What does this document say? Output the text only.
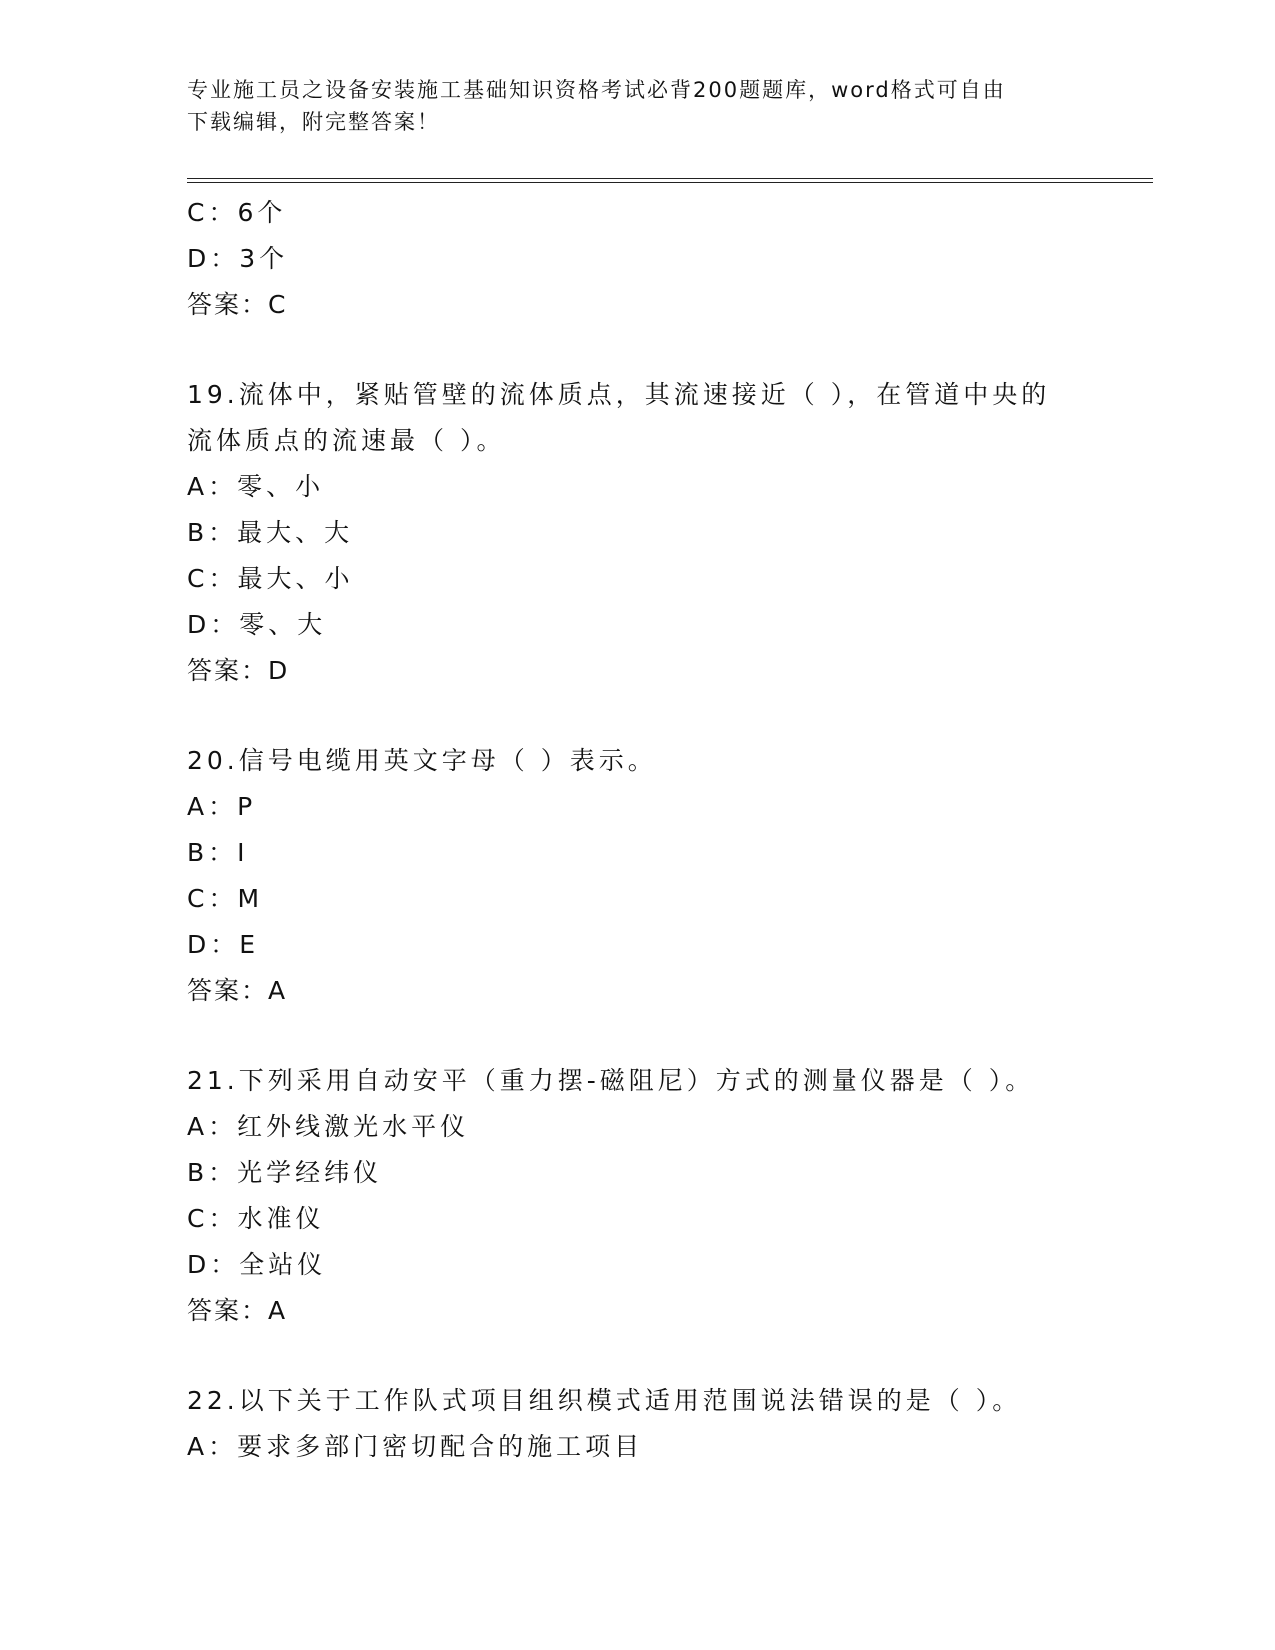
专业施工员之设备安装施工基础知识资格考试必背200题题库，word格式可自由
下载编辑，附完整答案！
C：6个
D：3个
答案：C
19.流体中，紧贴管壁的流体质点，其流速接近（ ），在管道中央的
流体质点的流速最（ ）。
A：零、小
B：最大、大
C：最大、小
D：零、大
答案：D
20.信号电缆用英文字母（ ）表示。
A：P
B：I
C：M
D：E
答案：A
21.下列采用自动安平（重力摆-磁阻尼）方式的测量仪器是（ ）。
A：红外线激光水平仪
B：光学经纬仪
C：水准仪
D：全站仪
答案：A
22.以下关于工作队式项目组织模式适用范围说法错误的是（ ）。
A：要求多部门密切配合的施工项目
